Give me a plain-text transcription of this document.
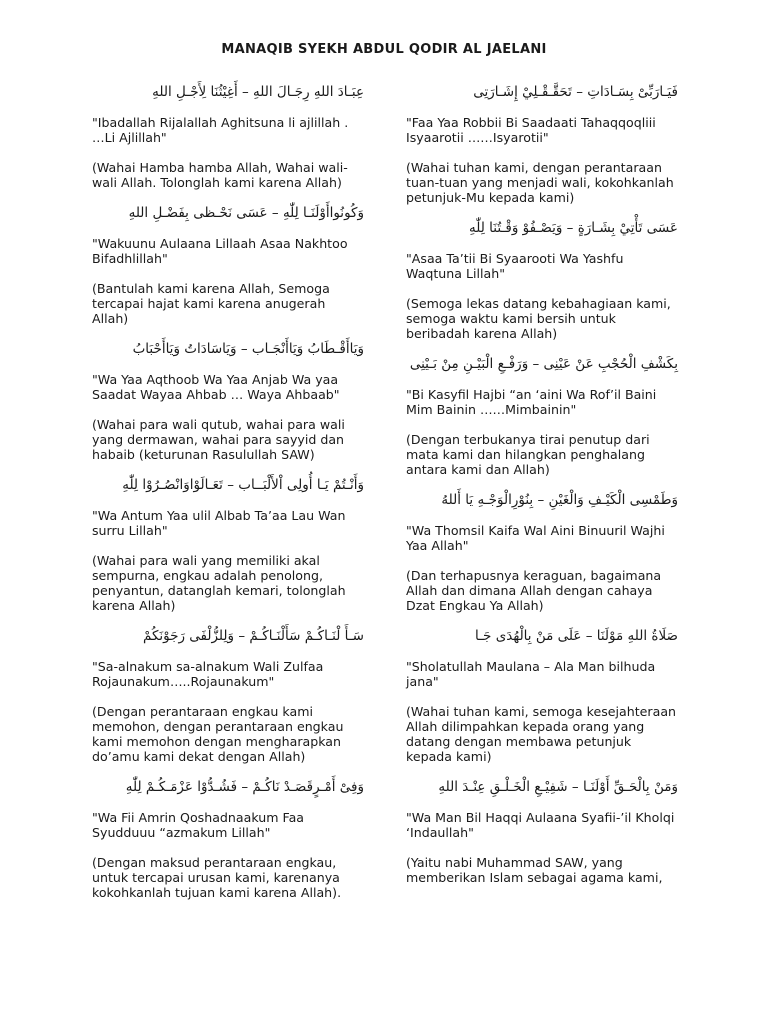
MANAQIB SYEKH ABDUL QODIR AL JAELANI
عِبَـادَ اللهِ رِجَـالَ اللهِ – أَغِيْثُنَا لِأَجْـلِ اللهِ
"Ibadallah Rijalallah Aghitsuna li ajlillah . …Li Ajlillah"
(Wahai Hamba hamba Allah, Wahai wali-wali Allah. Tolonglah kami karena Allah)
وَكُونُواأَوْلَنَـا لِلّٰهِ – عَسَى نَحْـظى بِفَضْـلِ اللهِ
"Wakuunu Aulaana Lillaah Asaa Nakhtoo Bifadhlillah"
(Bantulah kami karena Allah, Semoga tercapai hajat kami karena anugerah Allah)
وَيَاأَقْـطَابُ وَيَاأَنْجَـاب – وَيَاسَادَاتُ وَيَاأَحْبَابُ
"Wa Yaa Aqthoob Wa Yaa Anjab Wa yaa Saadat Wayaa Ahbab … Waya Ahbaab"
(Wahai para wali qutub, wahai para wali yang dermawan, wahai para sayyid dan habaib (keturunan Rasulullah SAW)
وَأَنْـتُمْ يَـا أُولِى اْلأَلْبَــاب – تَعَـالَوْاوَانْصُـرُوْا لِلّٰهِ
"Wa Antum Yaa ulil Albab Ta’aa Lau Wan surru Lillah"
(Wahai para wali yang memiliki akal sempurna, engkau adalah penolong, penyantun, datanglah kemari, tolonglah karena Allah)
سَـأَ لْنَـاكُـمْ سَأَلْنَـاكُـمْ – وَلِلزُّلْفَى رَجَوْنَكُمْ
"Sa-alnakum sa-alnakum Wali Zulfaa Rojaunakum…..Rojaunakum"
(Dengan perantaraan engkau kami memohon, dengan perantaraan engkau kami memohon dengan mengharapkan do’amu kami dekat dengan Allah)
وَفِىْ أَمْـرٍقَصَـدْ نَاكُـمْ – فَشُـدُّوْا عَزْمَـكُـمْ لِلّٰهِ
"Wa Fii Amrin Qoshadnaakum Faa Syudduuu “azmakum Lillah"
(Dengan maksud perantaraan engkau, untuk tercapai urusan kami, karenanya kokohkanlah tujuan kami karena Allah).
فَيَـارَبِّىْ بِسَـادَاتِ – تَحَقَّـقْـلِيْ إِشَـارَتِى
"Faa Yaa Robbii Bi Saadaati Tahaqqoqliii Isyaarotii ……Isyarotii"
(Wahai tuhan kami, dengan perantaraan tuan-tuan yang menjadi wali, kokohkanlah petunjuk-Mu kepada kami)
عَسَى تَأْتِيْ بِشَـارَةٍ – وَيَصْـفُوْ وَقْـتُنَا لِلّٰهِ
"Asaa Ta’tii Bi Syaarooti Wa Yashfu Waqtuna Lillah"
(Semoga lekas datang kebahagiaan kami, semoga waktu kami bersih untuk beribadah karena Allah)
بِكَشْفِ الْحُجْبِ عَنْ عَيْنِى – وَرَفْـعِ الْبَيْـنِ مِنْ بَـيْنِى
"Bi Kasyfil Hajbi “an ‘aini Wa Rof’il Baini Mim Bainin ……Mimbainin"
(Dengan terbukanya tirai penutup dari mata kami dan hilangkan penghalang antara kami dan Allah)
وَطَمْسِى الْكَيْـفِ وَالْغَيْنِ – بِنُوْرِالْوَجْـهِ يَا أَللهُ
"Wa Thomsil Kaifa Wal Aini Binuuril Wajhi Yaa Allah"
(Dan terhapusnya keraguan, bagaimana Allah dan dimana Allah dengan cahaya Dzat Engkau Ya Allah)
صَلَاةُ اللهِ مَوْلَنَا – عَلَى مَنْ بِالْهُدَى جَـا
"Sholatullah Maulana – Ala Man bilhuda jana"
(Wahai tuhan kami, semoga kesejahteraan Allah dilimpahkan kepada orang yang datang dengan membawa petunjuk kepada kami)
وَمَنْ بِالْحَـقِّ أَوْلَنَـا – شَفِيْـعِ الْخَـلْـقِ عِنْـدَ اللهِ
"Wa Man Bil Haqqi Aulaana Syafii-’il Kholqi ‘Indaullah"
(Yaitu nabi Muhammad SAW, yang memberikan Islam sebagai agama kami,
